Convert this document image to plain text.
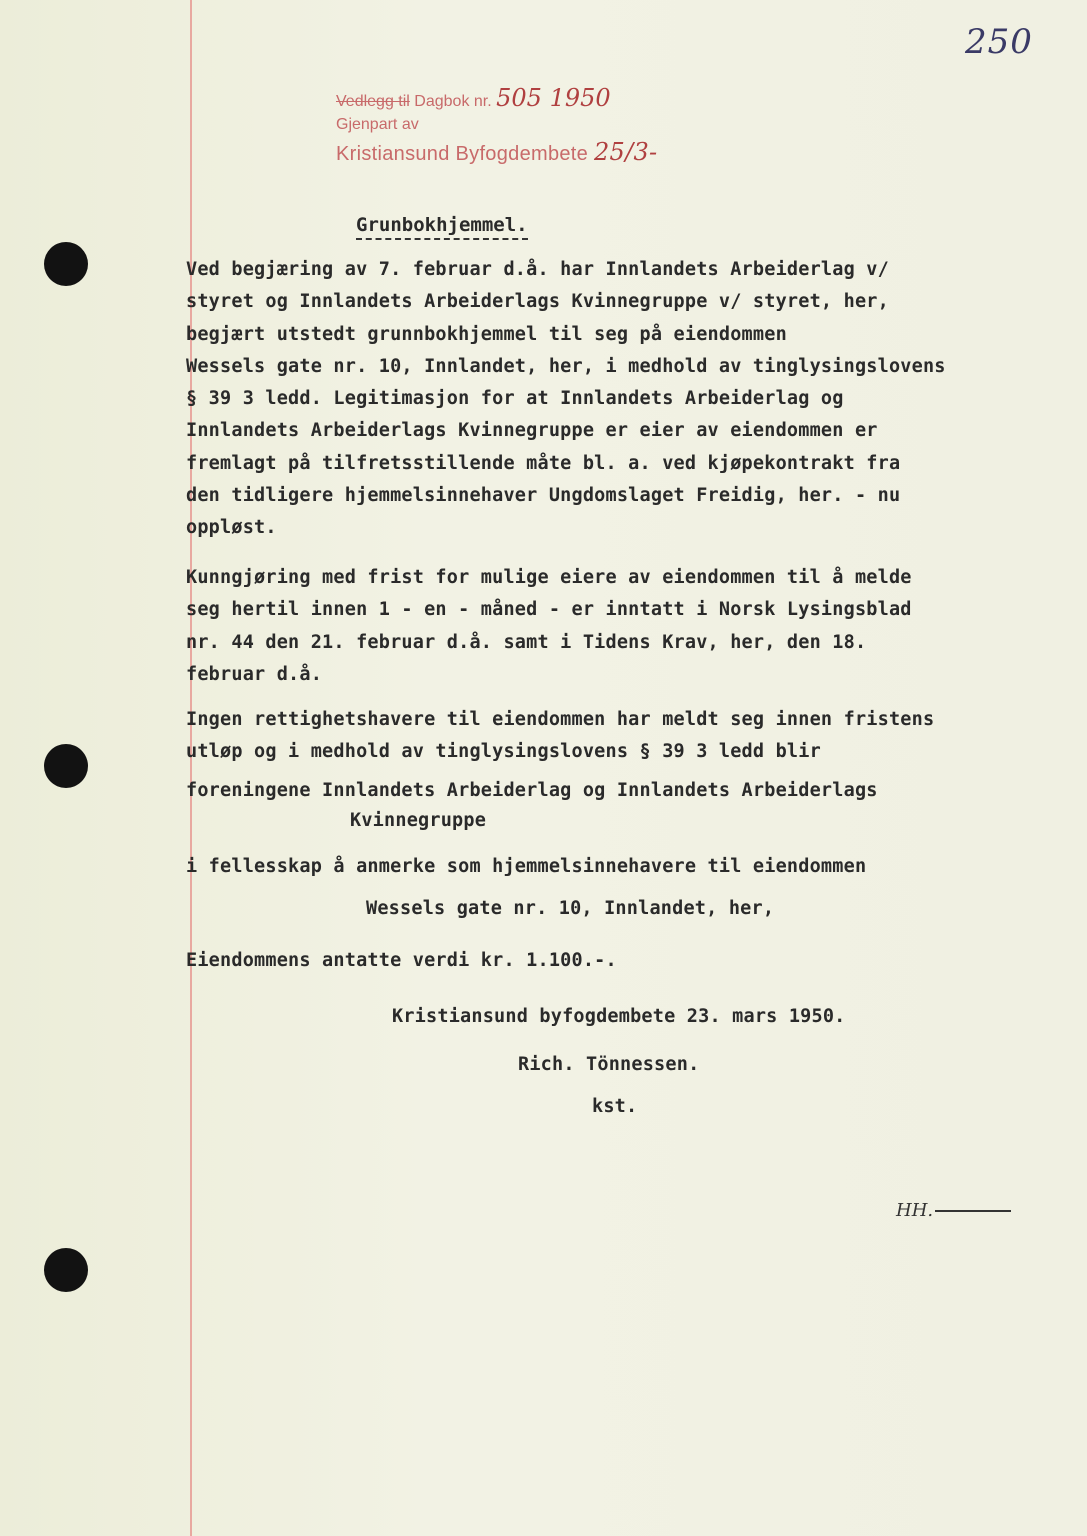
250
Vedlegg til Dagbok nr. 505 1950
Gjenpart av
Kristiansund Byfogdembete 25/3-
Grunbokhjemmel.

Ved begjæring av 7. februar d.å. har Innlandets Arbeiderlag v/
styret og Innlandets Arbeiderlags Kvinnegruppe v/ styret, her,
begjært utstedt grunnbokhjemmel til seg på eiendommen
Wessels gate nr. 10, Innlandet, her, i medhold av tinglysingslovens
§ 39 3 ledd. Legitimasjon for at Innlandets Arbeiderlag og
Innlandets Arbeiderlags Kvinnegruppe er eier av eiendommen er
fremlagt på tilfretsstillende måte bl. a. ved kjøpekontrakt fra
den tidligere hjemmelsinnehaver Ungdomslaget Freidig, her. - nu
oppløst.

Kunngjøring med frist for mulige eiere av eiendommen til å melde
seg hertil innen 1 - en - måned - er inntatt i Norsk Lysingsblad
nr. 44 den 21. februar d.å. samt i Tidens Krav, her, den 18.
februar d.å.

Ingen rettighetshavere til eiendommen har meldt seg innen fristens
utløp og i medhold av tinglysingslovens § 39 3 ledd blir

foreningene Innlandets Arbeiderlag og Innlandets Arbeiderlags
Kvinnegruppe
i fellesskap å anmerke som hjemmelsinnehavere til eiendommen
Wessels gate nr. 10, Innlandet, her,
Eiendommens antatte verdi kr. 1.100.-.
Kristiansund byfogdembete 23. mars 1950.
Rich. Tönnessen.
kst.
HH.
